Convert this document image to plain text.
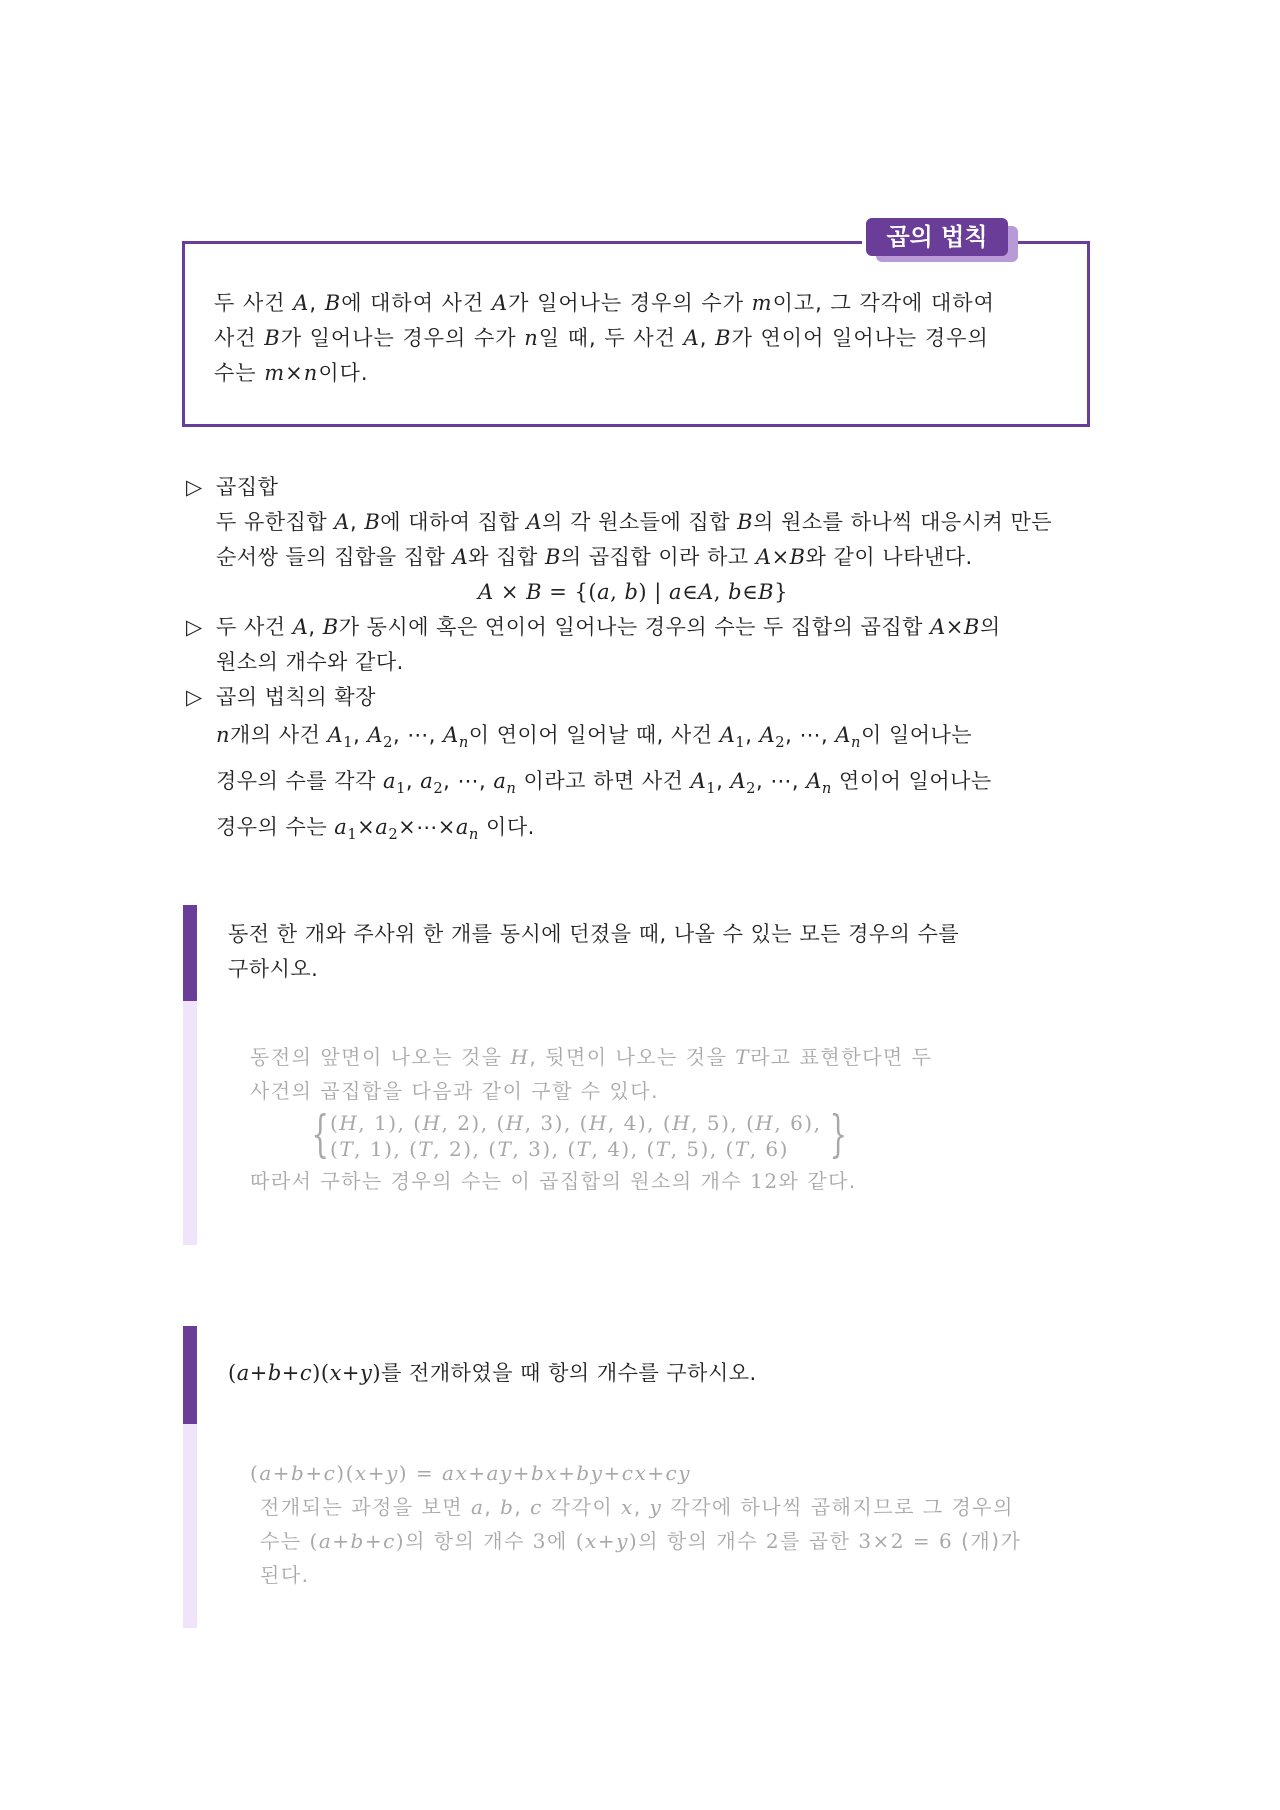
곱의 법칙
두 사건 A, B에 대하여 사건 A가 일어나는 경우의 수가 m이고, 그 각각에 대하여
사건 B가 일어나는 경우의 수가 n일 때, 두 사건 A, B가 연이어 일어나는 경우의
수는 m×n이다.
▷ 곱집합
두 유한집합 A, B에 대하여 집합 A의 각 원소들에 집합 B의 원소를 하나씩 대응시켜 만든
순서쌍 들의 집합을 집합 A와 집합 B의 곱집합 이라 하고 A×B와 같이 나타낸다.
A × B = {(a, b) | a∈A, b∈B}
▷ 두 사건 A, B가 동시에 혹은 연이어 일어나는 경우의 수는 두 집합의 곱집합 A×B의
원소의 개수와 같다.
▷ 곱의 법칙의 확장
n개의 사건 $A_1$, $A_2$, ⋯, $A_n$이 연이어 일어날 때, 사건 $A_1$, $A_2$, ⋯, $A_n$이 일어나는
경우의 수를 각각 $a_1$, $a_2$, ⋯, $a_n$ 이라고 하면 사건 $A_1$, $A_2$, ⋯, $A_n$ 연이어 일어나는
경우의 수는 $a_1\times a_2\times\cdots\times a_n$ 이다.
동전 한 개와 주사위 한 개를 동시에 던졌을 때, 나올 수 있는 모든 경우의 수를
구하시오.
동전의 앞면이 나오는 것을 H, 뒷면이 나오는 것을 T라고 표현한다면 두
사건의 곱집합을 다음과 같이 구할 수 있다.

{ (H, 1), (H, 2), (H, 3), (H, 4), (H, 5), (H, 6),
(T, 1), (T, 2), (T, 3), (T, 4), (T, 5), (T, 6) }
따라서 구하는 경우의 수는 이 곱집합의 원소의 개수 12와 같다.
(a+b+c)(x+y)를 전개하였을 때 항의 개수를 구하시오.
(a+b+c)(x+y) = ax+ay+bx+by+cx+cy
전개되는 과정을 보면 a, b, c 각각이 x, y 각각에 하나씩 곱해지므로 그 경우의
수는 (a+b+c)의 항의 개수 3에 (x+y)의 항의 개수 2를 곱한 3×2 = 6 (개)가
된다.
